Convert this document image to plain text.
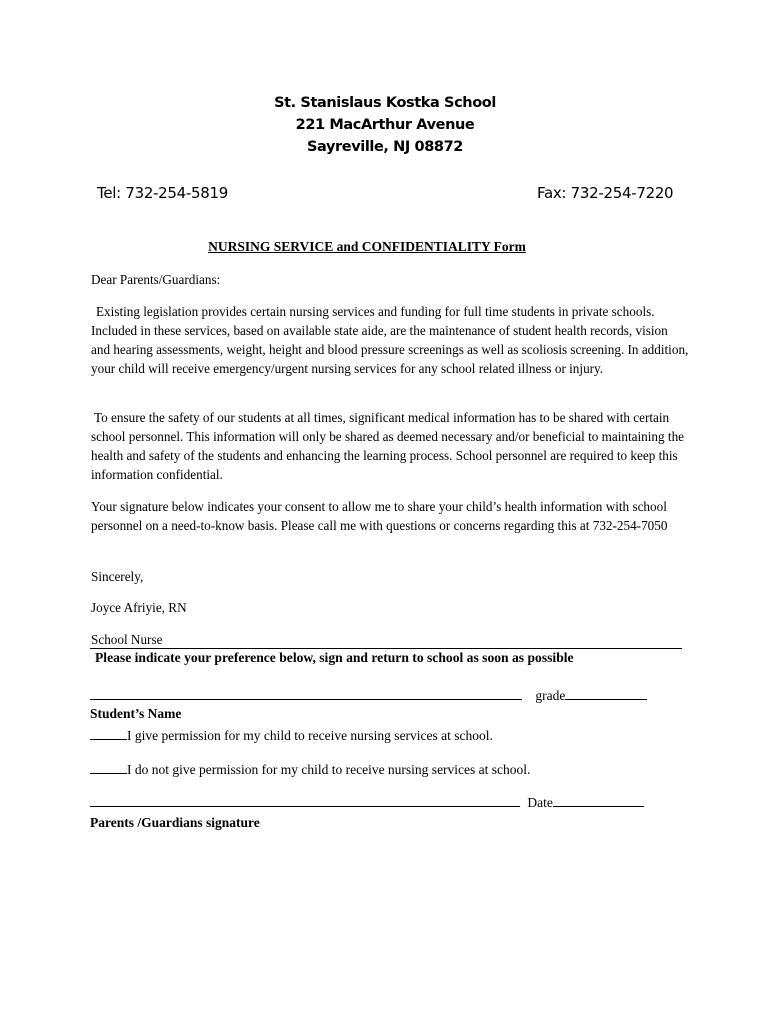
St. Stanislaus Kostka School
221 MacArthur Avenue
Sayreville, NJ 08872
Tel: 732-254-5819	Fax: 732-254-7220
NURSING SERVICE and CONFIDENTIALITY Form
Dear Parents/Guardians:
Existing legislation provides certain nursing services and funding for full time students in private schools. Included in these services, based on available state aide, are the maintenance of student health records, vision and hearing assessments, weight, height and blood pressure screenings as well as scoliosis screening. In addition, your child will receive emergency/urgent nursing services for any school related illness or injury.
To ensure the safety of our students at all times, significant medical information has to be shared with certain school personnel. This information will only be shared as deemed necessary and/or beneficial to maintaining the health and safety of the students and enhancing the learning process. School personnel are required to keep this information confidential.
Your signature below indicates your consent to allow me to share your child’s health information with school personnel on a need-to-know basis. Please call me with questions or concerns regarding this at 732-254-7050
Sincerely,
Joyce Afriyie, RN
School Nurse
Please indicate your preference below, sign and return to school as soon as possible
grade
Student’s Name
I give permission for my child to receive nursing services at school.
I do not give permission for my child to receive nursing services at school.
Date
Parents /Guardians signature
